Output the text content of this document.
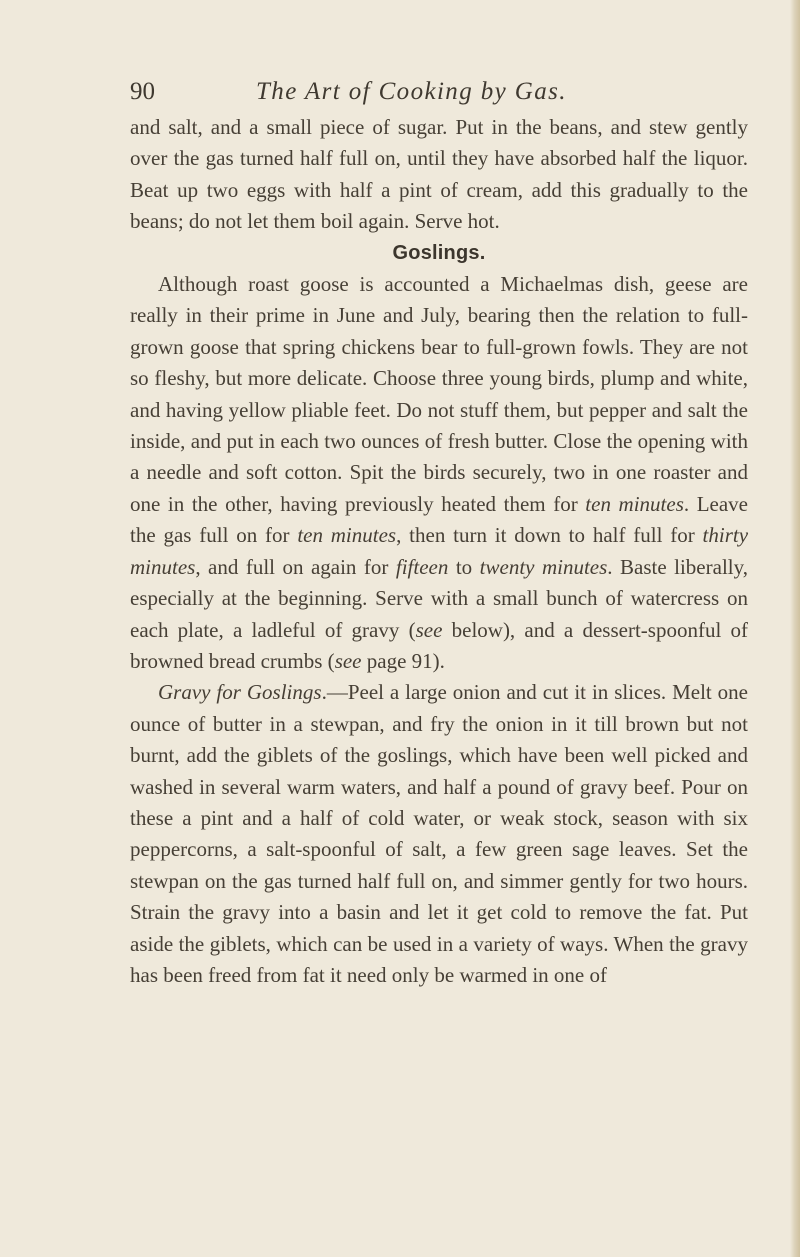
90	The Art of Cooking by Gas.

and salt, and a small piece of sugar. Put in the beans, and stew gently over the gas turned half full on, until they have absorbed half the liquor. Beat up two eggs with half a pint of cream, add this gradually to the beans; do not let them boil again. Serve hot.

Goslings.

Although roast goose is accounted a Michaelmas dish, geese are really in their prime in June and July, bearing then the relation to full-grown goose that spring chickens bear to full-grown fowls. They are not so fleshy, but more delicate. Choose three young birds, plump and white, and having yellow pliable feet. Do not stuff them, but pepper and salt the inside, and put in each two ounces of fresh butter. Close the opening with a needle and soft cotton. Spit the birds securely, two in one roaster and one in the other, having previously heated them for ten minutes. Leave the gas full on for ten minutes, then turn it down to half full for thirty minutes, and full on again for fifteen to twenty minutes. Baste liberally, especially at the beginning. Serve with a small bunch of watercress on each plate, a ladleful of gravy (see below), and a dessert-spoonful of browned bread crumbs (see page 91).

Gravy for Goslings.—Peel a large onion and cut it in slices. Melt one ounce of butter in a stewpan, and fry the onion in it till brown but not burnt, add the giblets of the goslings, which have been well picked and washed in several warm waters, and half a pound of gravy beef. Pour on these a pint and a half of cold water, or weak stock, season with six peppercorns, a salt-spoonful of salt, a few green sage leaves. Set the stewpan on the gas turned half full on, and simmer gently for two hours. Strain the gravy into a basin and let it get cold to remove the fat. Put aside the giblets, which can be used in a variety of ways. When the gravy has been freed from fat it need only be warmed in one of
